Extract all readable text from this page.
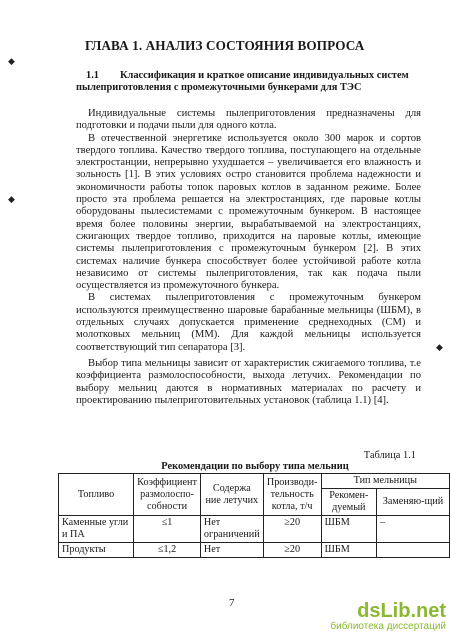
◆
◆
◆
ГЛАВА 1. АНАЛИЗ СОСТОЯНИЯ ВОПРОСА
1.1 Классификация и краткое описание индивидуальных систем пылеприготовления с промежуточными бункерами для ТЭС

Индивидуальные системы пылеприготовления предназначены для подготовки и подачи пыли для одного котла.

В отечественной энергетике используется около 300 марок и сортов твердого топлива. Качество твердого топлива, поступающего на отдельные электростанции, непрерывно ухудшается – увеличивается его влажность и зольность [1]. В этих условиях остро становится проблема надежности и экономичности работы топок паровых котлов в заданном режиме. Более просто эта проблема решается на электростанциях, где паровые котлы оборудованы пылесистемами с промежуточным бункером. В настоящее время более половины энергии, вырабатываемой на электростанциях, сжигающих твердое топливо, приходится на паровые котлы, имеющие системы пылеприготовления с промежуточным бункером [2]. В этих системах наличие бункера способствует более устойчивой работе котла независимо от системы пылеприготовления, так как подача пыли осуществляется из промежуточного бункера.

В системах пылеприготовления с промежуточным бункером используются преимущественно шаровые барабанные мельницы (ШБМ), в отдельных случаях допускается применение среднеходных (СМ) и молотковых мельниц (ММ). Для каждой мельницы используется соответствующий тип сепаратора [3].

Выбор типа мельницы зависит от характеристик сжигаемого топлива, т.е коэффициента размолоспособности, выхода летучих. Рекомендации по выбору мельниц даются в нормативных материалах по расчету и проектированию пылеприготовительных установок (таблица 1.1) [4].

Таблица 1.1
Рекомендации по выбору типа мельниц
Топливо	Коэффициент размолоспо-собности	Содержа ние летучих	Производи-тельность котла, т/ч	Тип мельницы	
				Рекомен-дуемый	Заменяю-щий
Каменные угли и ПА	≤1	Нет ограничений	≥20	ШБМ	–
Продукты	≤1,2	Нет	≥20	ШБМ	
7	dsLib.net
библиотека диссертаций
